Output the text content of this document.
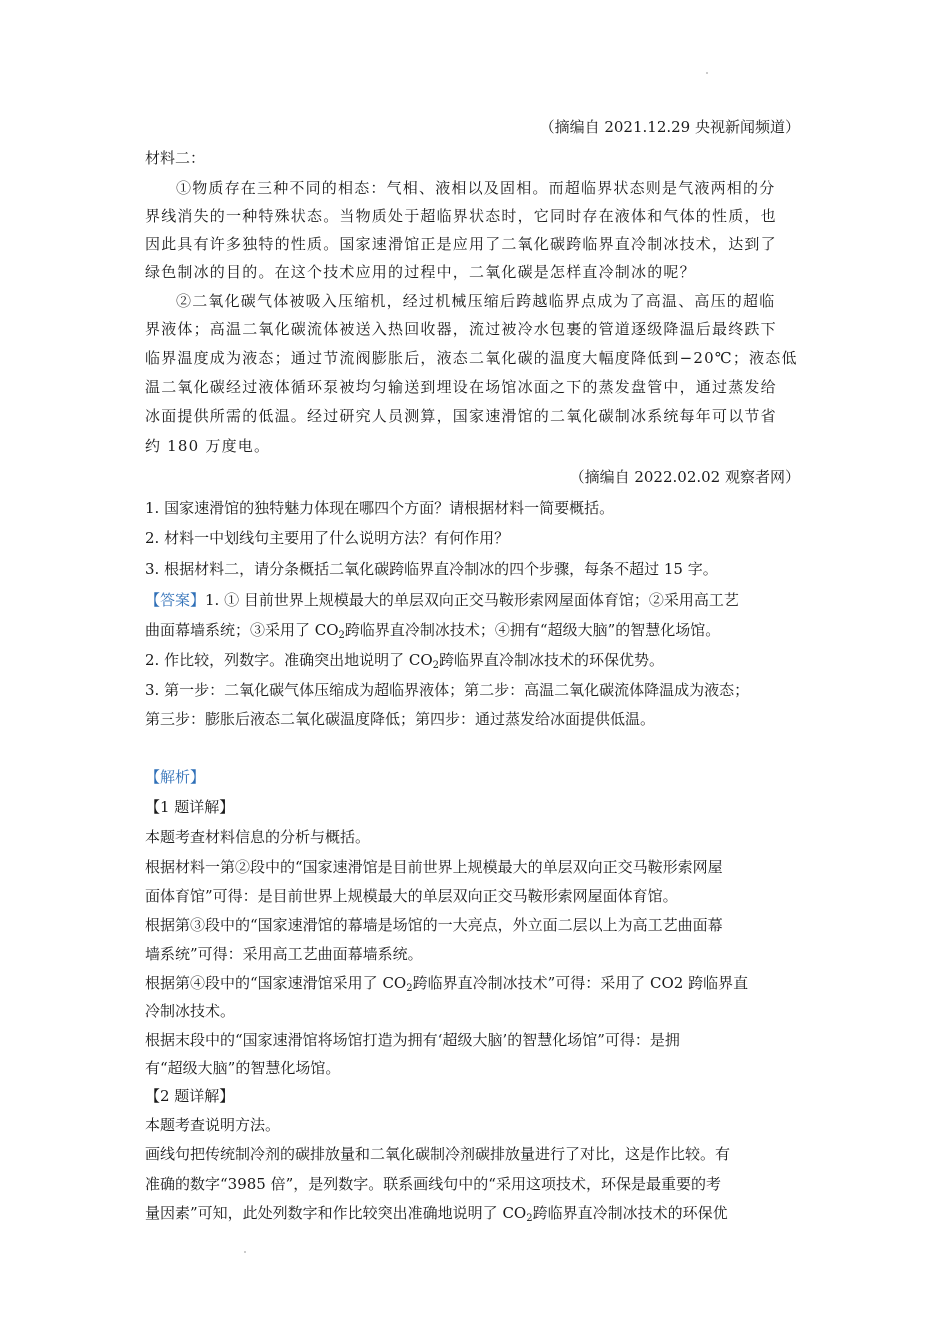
（摘编自 2021.12.29 央视新闻频道）
材料二：
①物质存在三种不同的相态：气相、液相以及固相。而超临界状态则是气液两相的分
界线消失的一种特殊状态。当物质处于超临界状态时，它同时存在液体和气体的性质，也
因此具有许多独特的性质。国家速滑馆正是应用了二氧化碳跨临界直冷制冰技术，达到了
绿色制冰的目的。在这个技术应用的过程中，二氧化碳是怎样直冷制冰的呢？
②二氧化碳气体被吸入压缩机，经过机械压缩后跨越临界点成为了高温、高压的超临
界液体；高温二氧化碳流体被送入热回收器，流过被冷水包裹的管道逐级降温后最终跌下
临界温度成为液态；通过节流阀膨胀后，液态二氧化碳的温度大幅度降低到−20℃；液态低
温二氧化碳经过液体循环泵被均匀输送到埋设在场馆冰面之下的蒸发盘管中，通过蒸发给
冰面提供所需的低温。经过研究人员测算，国家速滑馆的二氧化碳制冰系统每年可以节省
约 180 万度电。
（摘编自 2022.02.02 观察者网）
1. 国家速滑馆的独特魅力体现在哪四个方面？请根据材料一简要概括。
2. 材料一中划线句主要用了什么说明方法？有何作用？
3. 根据材料二，请分条概括二氧化碳跨临界直冷制冰的四个步骤，每条不超过 15 字。
【答案】1. ① 目前世界上规模最大的单层双向正交马鞍形索网屋面体育馆；②采用高工艺
曲面幕墙系统；③采用了 $CO_2$跨临界直冷制冰技术；④拥有“超级大脑”的智慧化场馆。
2. 作比较，列数字。准确突出地说明了 $CO_2$跨临界直冷制冰技术的环保优势。
3. 第一步：二氧化碳气体压缩成为超临界液体；第二步：高温二氧化碳流体降温成为液态；
第三步：膨胀后液态二氧化碳温度降低；第四步：通过蒸发给冰面提供低温。
【解析】
【1 题详解】
本题考查材料信息的分析与概括。
根据材料一第②段中的“国家速滑馆是目前世界上规模最大的单层双向正交马鞍形索网屋
面体育馆”可得：是目前世界上规模最大的单层双向正交马鞍形索网屋面体育馆。
根据第③段中的“国家速滑馆的幕墙是场馆的一大亮点，外立面二层以上为高工艺曲面幕
墙系统”可得：采用高工艺曲面幕墙系统。
根据第④段中的“国家速滑馆采用了 $CO_2$跨临界直冷制冰技术”可得：采用了 CO2 跨临界直
冷制冰技术。
根据末段中的“国家速滑馆将场馆打造为拥有‘超级大脑’的智慧化场馆”可得：是拥
有“超级大脑”的智慧化场馆。
【2 题详解】
本题考查说明方法。
画线句把传统制冷剂的碳排放量和二氧化碳制冷剂碳排放量进行了对比，这是作比较。有
准确的数字“3985 倍”，是列数字。联系画线句中的“采用这项技术，环保是最重要的考
量因素”可知，此处列数字和作比较突出准确地说明了 $CO_2$跨临界直冷制冰技术的环保优
